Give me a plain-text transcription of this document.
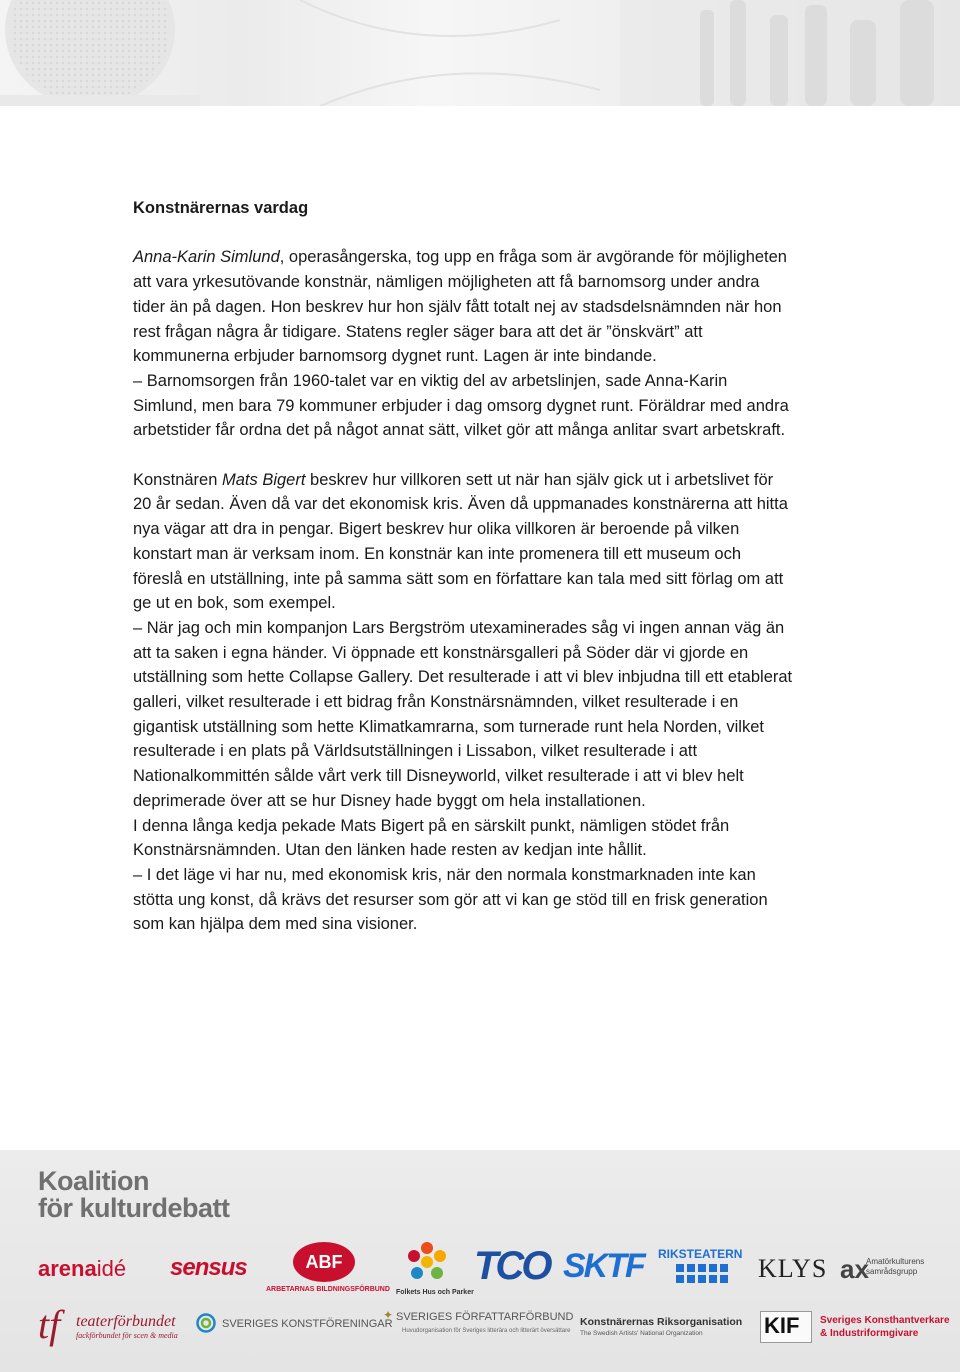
Konstnärernas vardag

Anna-Karin Simlund, operasångerska, tog upp en fråga som är avgörande för möjligheten att vara yrkesutövande konstnär, nämligen möjligheten att få barnomsorg under andra tider än på dagen. Hon beskrev hur hon själv fått totalt nej av stadsdelsnämnden när hon rest frågan några år tidigare. Statens regler säger bara att det är ”önskvärt” att kommunerna erbjuder barnomsorg dygnet runt. Lagen är inte bindande.

– Barnomsorgen från 1960-talet var en viktig del av arbetslinjen, sade Anna-Karin Simlund, men bara 79 kommuner erbjuder i dag omsorg dygnet runt. Föräldrar med andra arbetstider får ordna det på något annat sätt, vilket gör att många anlitar svart arbetskraft.

Konstnären Mats Bigert beskrev hur villkoren sett ut när han själv gick ut i arbetslivet för 20 år sedan. Även då var det ekonomisk kris. Även då uppmanades konstnärerna att hitta nya vägar att dra in pengar. Bigert beskrev hur olika villkoren är beroende på vilken konstart man är verksam inom. En konstnär kan inte promenera till ett museum och föreslå en utställning, inte på samma sätt som en författare kan tala med sitt förlag om att ge ut en bok, som exempel.

– När jag och min kompanjon Lars Bergström utexaminerades såg vi ingen annan väg än att ta saken i egna händer. Vi öppnade ett konstnärsgalleri på Söder där vi gjorde en utställning som hette Collapse Gallery. Det resulterade i att vi blev inbjudna till ett etablerat galleri, vilket resulterade i ett bidrag från Konstnärsnämnden, vilket resulterade i en gigantisk utställning som hette Klimatkamrarna, som turnerade runt hela Norden, vilket resulterade i en plats på Världsutställningen i Lissabon, vilket resulterade i att Nationalkommittén sålde vårt verk till Disneyworld, vilket resulterade i att vi blev helt deprimerade över att se hur Disney hade byggt om hela installationen.

I denna långa kedja pekade Mats Bigert på en särskilt punkt, nämligen stödet från Konstnärsnämnden. Utan den länken hade resten av kedjan inte hållit.

– I det läge vi har nu, med ekonomisk kris, när den normala konstmarknaden inte kan stötta ung konst, då krävs det resurser som gör att vi kan ge stöd till en frisk generation som kan hjälpa dem med sina visioner.

Koalition
för kulturdebatt
arenaidé sensus	ABF
ARBETARNAS BILDNINGSFÖRBUND Folkets Hus och Parker
TCO SKTF RIKSTEATERN KLYS ax
Amatörkulturens
samrådsgrupp
tf teaterförbundet
fackförbundet för scen & media
SVERIGES KONSTFÖRENINGAR
✦ SVERIGES FÖRFATTARFÖRBUND
Huvudorganisation för Sveriges litterära och litterärt översättare
Konstnärernas Riksorganisation
The Swedish Artists' National Organization	KIF Sveriges Konsthantverkare
& Industriformgivare
